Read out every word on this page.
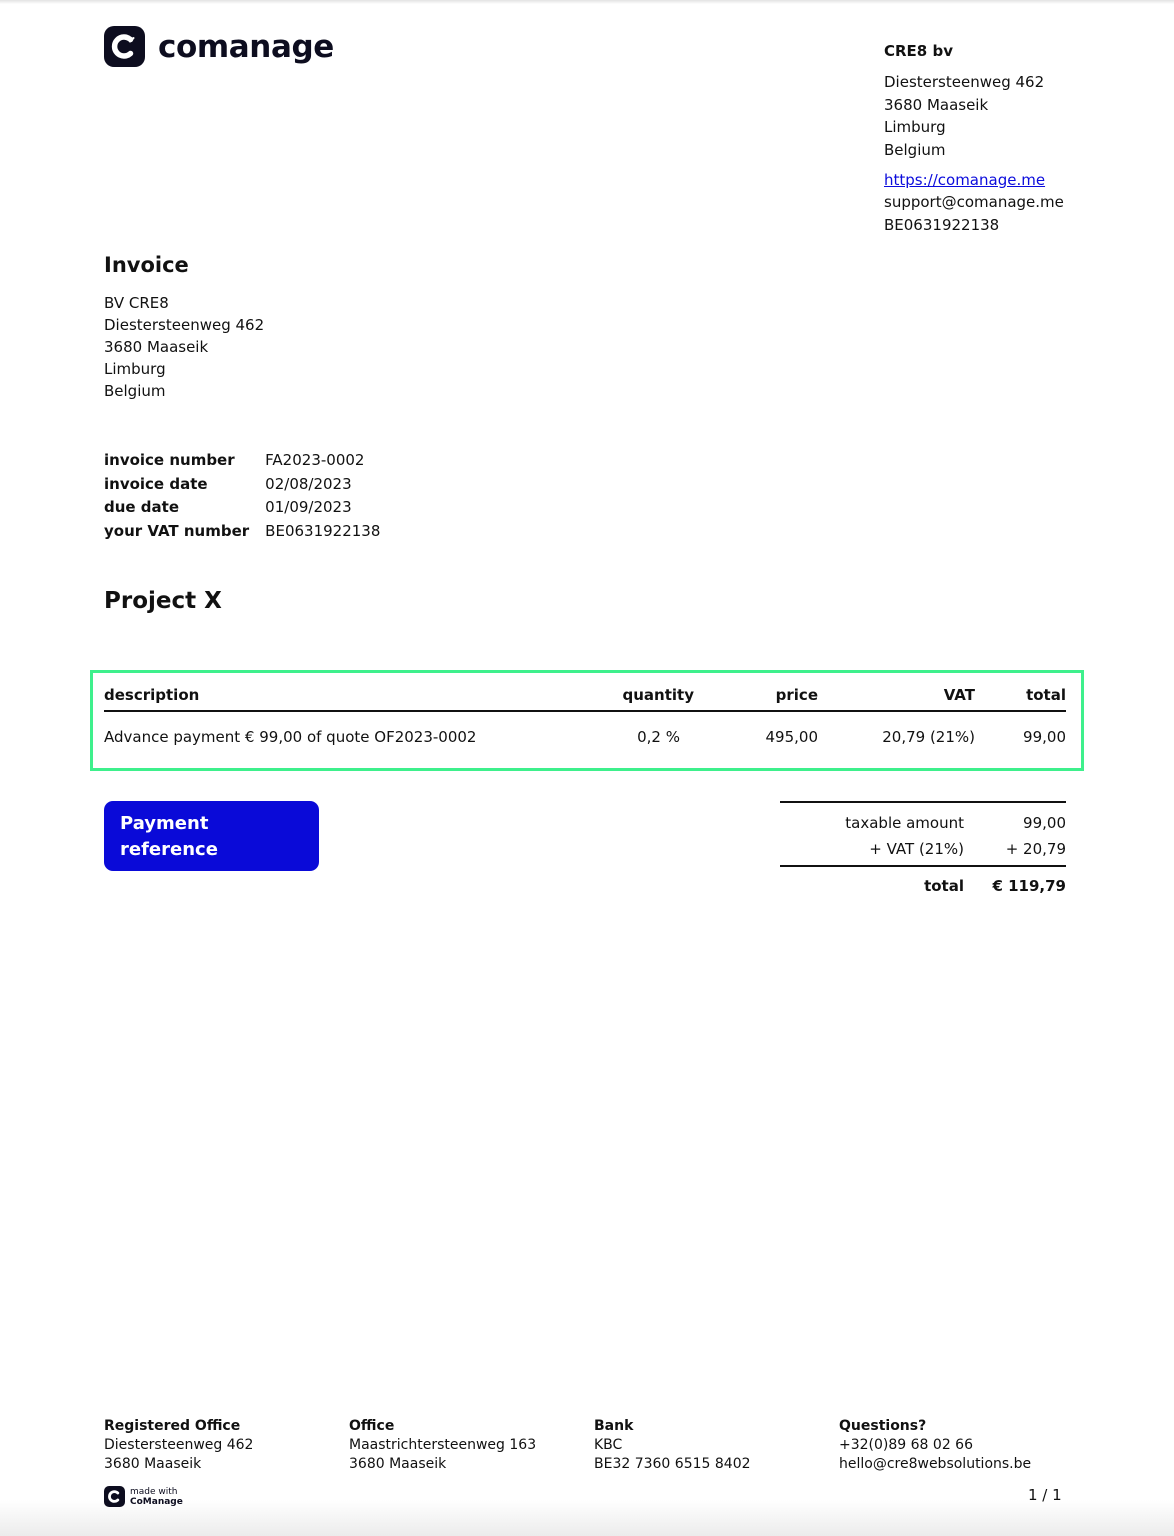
comanage	CRE8 bv
Diestersteenweg 462
3680 Maaseik
Limburg
Belgium
https://comanage.me
support@comanage.me
BE0631922138
Invoice
BV CRE8
Diestersteenweg 462
3680 Maaseik
Limburg
Belgium
invoice number	FA2023-0002
invoice date	02/08/2023
due date	01/09/2023
your VAT number	BE0631922138
Project X
description	quantity	price	VAT	total
Advance payment € 99,00 of quote OF2023-0002	0,2 %	495,00	20,79 (21%)	99,00
Payment reference
FA2023-0002
taxable amount	99,00
+ VAT (21%)	+ 20,79
total	€ 119,79
Registered Office
Diestersteenweg 462
3680 Maaseik
Office
Maastrichtersteenweg 163
3680 Maaseik
Bank
KBC
BE32 7360 6515 8402
Questions?
+32(0)89 68 02 66
hello@cre8websolutions.be
made with
CoManage	1 / 1
